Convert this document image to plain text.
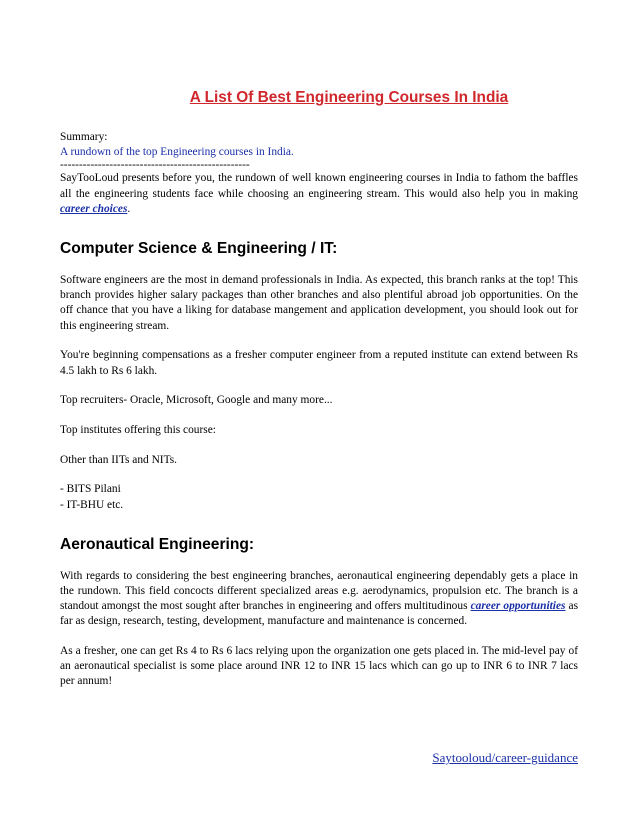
A List Of Best Engineering Courses In India

Summary:

A rundown of the top Engineering courses in India.

--------------------------------------------------

SayTooLoud presents before you, the rundown of well known engineering courses in India to fathom the baffles all the engineering students face while choosing an engineering stream. This would also help you in making career choices.

Computer Science & Engineering / IT:

Software engineers are the most in demand professionals in India. As expected, this branch ranks at the top! This branch provides higher salary packages than other branches and also plentiful abroad job opportunities. On the off chance that you have a liking for database mangement and application development, you should look out for this engineering stream.

You're beginning compensations as a fresher computer engineer from a reputed institute can extend between Rs 4.5 lakh to Rs 6 lakh.

Top recruiters- Oracle, Microsoft, Google and many more...

Top institutes offering this course:

Other than IITs and NITs.

- BITS Pilani

- IT-BHU etc.

Aeronautical Engineering:

With regards to considering the best engineering branches, aeronautical engineering dependably gets a place in the rundown. This field concocts different specialized areas e.g. aerodynamics, propulsion etc. The branch is a standout amongst the most sought after branches in engineering and offers multitudinous career opportunities as far as design, research, testing, development, manufacture and maintenance is concerned.

As a fresher, one can get Rs 4 to Rs 6 lacs relying upon the organization one gets placed in. The mid-level pay of an aeronautical specialist is some place around INR 12 to INR 15 lacs which can go up to INR 6 to INR 7 lacs per annum!

Saytooloud/career-guidance
